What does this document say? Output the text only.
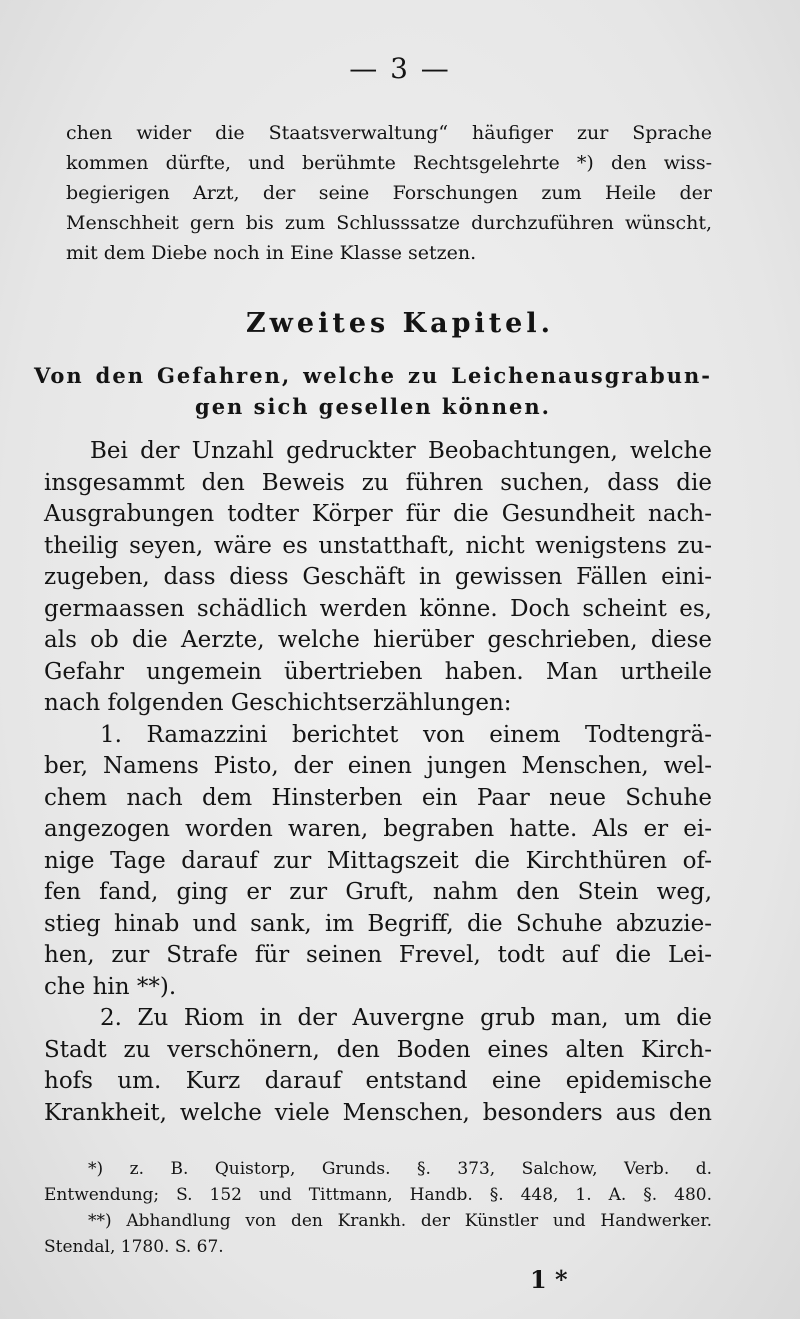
— 3 —
chen wider die Staatsverwaltung“ häufiger zur Sprache
kommen dürfte, und berühmte Rechtsgelehrte *) den wiss-
begierigen Arzt, der seine Forschungen zum Heile der
Menschheit gern bis zum Schlusssatze durchzuführen wünscht,
mit dem Diebe noch in Eine Klasse setzen.
Zweites Kapitel.
Von den Gefahren, welche zu Leichenausgrabun-
gen sich gesellen können.
Bei der Unzahl gedruckter Beobachtungen, welche
insgesammt den Beweis zu führen suchen, dass die
Ausgrabungen todter Körper für die Gesundheit nach-
theilig seyen, wäre es unstatthaft, nicht wenigstens zu-
zugeben, dass diess Geschäft in gewissen Fällen eini-
germaassen schädlich werden könne. Doch scheint es,
als ob die Aerzte, welche hierüber geschrieben, diese
Gefahr ungemein übertrieben haben. Man urtheile
nach folgenden Geschichtserzählungen:
1. Ramazzini berichtet von einem Todtengrä-
ber, Namens Pisto, der einen jungen Menschen, wel-
chem nach dem Hinsterben ein Paar neue Schuhe
angezogen worden waren, begraben hatte. Als er ei-
nige Tage darauf zur Mittagszeit die Kirchthüren of-
fen fand, ging er zur Gruft, nahm den Stein weg,
stieg hinab und sank, im Begriff, die Schuhe abzuzie-
hen, zur Strafe für seinen Frevel, todt auf die Lei-
che hin **).
2. Zu Riom in der Auvergne grub man, um die
Stadt zu verschönern, den Boden eines alten Kirch-
hofs um. Kurz darauf entstand eine epidemische
Krankheit, welche viele Menschen, besonders aus den
*) z. B. Quistorp, Grunds. §. 373, Salchow, Verb. d.
Entwendung; S. 152 und Tittmann, Handb. §. 448, 1. A. §. 480.
**) Abhandlung von den Krankh. der Künstler und Handwerker.
Stendal, 1780. S. 67.
1 *
